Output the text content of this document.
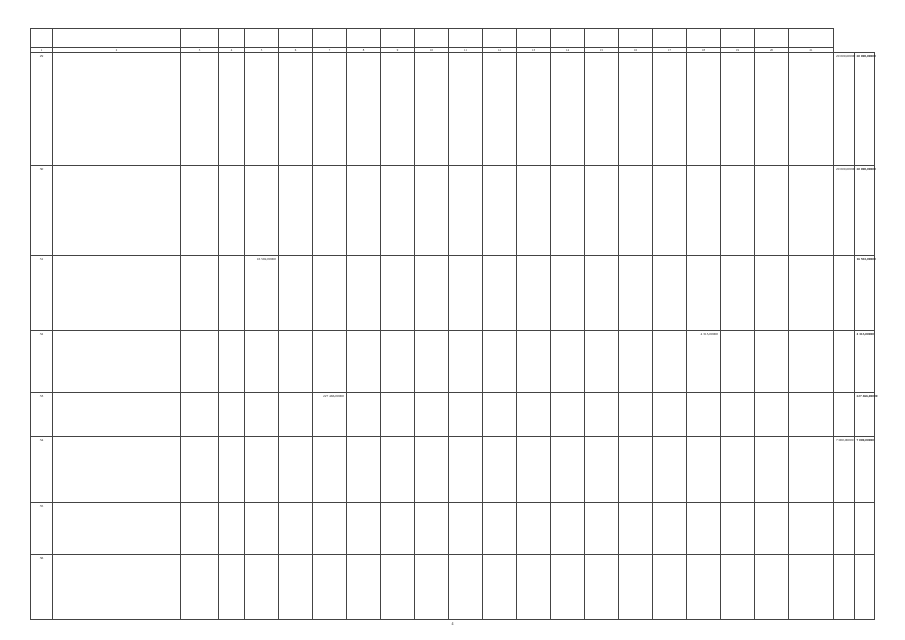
1	2	3	4	5	6	7	8	9	10	11	12	13	14	15	16	17	18	19	20	21		
29																					20 000,00000	20 000,00000
30																					20 000,00000	20 000,00000
31				16 592,00000																		16 592,00000
32																	4 313,00000					4 313,00000
33						227 466,00000																227 466,00000
34																					7 000,00000	7 000,00000
35																						
36																						
4
